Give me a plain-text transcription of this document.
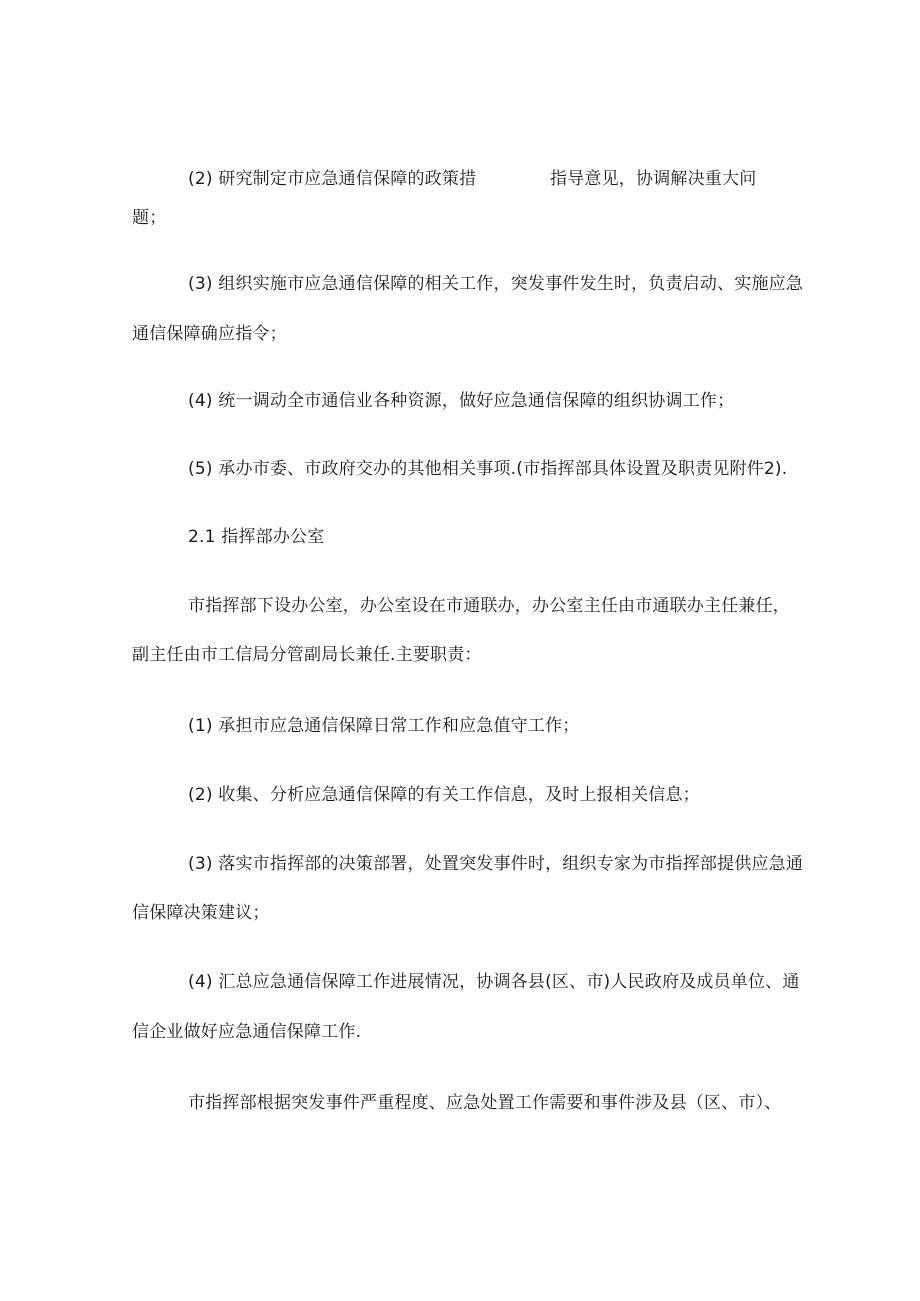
(2) 研究制定市应急通信保障的政策措	指导意见，协调解决重大问
题；
(3) 组织实施市应急通信保障的相关工作，突发事件发生时，负责启动、实施应急
通信保障确应指令；
(4) 统一调动全市通信业各种资源，做好应急通信保障的组织协调工作；
(5) 承办市委、市政府交办的其他相关事项.(市指挥部具体设置及职责见附件2).
2.1 指挥部办公室
市指挥部下设办公室，办公室设在市通联办，办公室主任由市通联办主任兼任，
副主任由市工信局分管副局长兼任.主要职责：
(1) 承担市应急通信保障日常工作和应急值守工作；
(2) 收集、分析应急通信保障的有关工作信息，及时上报相关信息；
(3) 落实市指挥部的决策部署，处置突发事件时，组织专家为市指挥部提供应急通
信保障决策建议；
(4) 汇总应急通信保障工作进展情况，协调各县(区、市)人民政府及成员单位、通
信企业做好应急通信保障工作.
市指挥部根据突发事件严重程度、应急处置工作需要和事件涉及县（区、市）、
